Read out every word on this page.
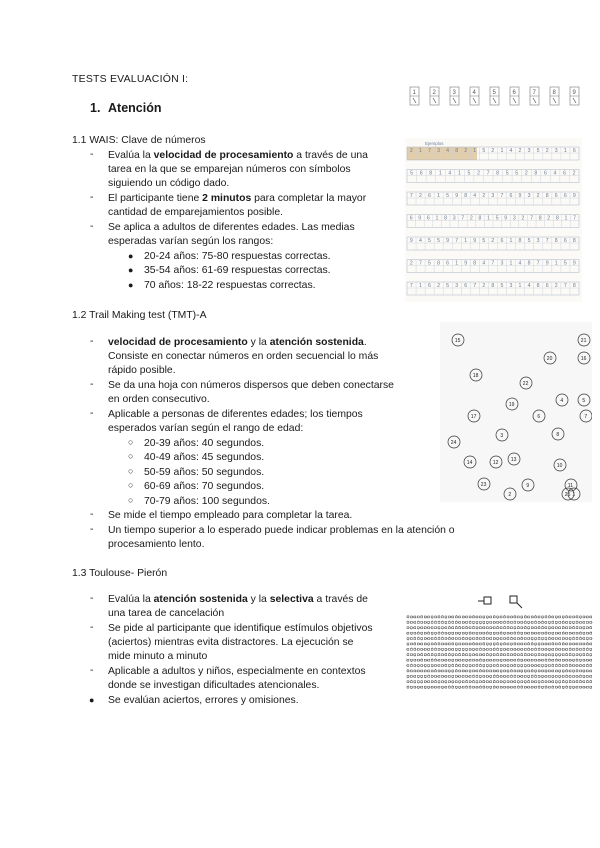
TESTS EVALUACIÓN I:
1. Atención
1.1 WAIS: Clave de números
-	Evalúa la velocidad de procesamiento a través de una
tarea en la que se emparejan números con símbolos
siguiendo un código dado.
-	El participante tiene 2 minutos para completar la mayor
cantidad de emparejamientos posible.
-	Se aplica a adultos de diferentes edades. Las medias
esperadas varían según los rangos:
● 20-24 años: 75-80 respuestas correctas.
● 35-54 años: 61-69 respuestas correctas.
● 70 años: 18-22 respuestas correctas.
1	2	3	4	5	6	7	8	9
Ejemplos
2 1 7 3 4 8 2 1 5 2 1 4 2 3 5 2 3 1 6
5 6 8 1 4 1 5 2 7 8 5 5 2 8 6 4 6 2
7 2 6 1 5 9 8 4 2 3 7 6 9 3 2 8 6 6 9
6 9 6 1 8 3 7 2 8 1 5 9 3 2 7 8 2 8 1 7
9 4 5 5 9 7 1 9 5 2 6 1 8 5 3 7 8 6 8
2 7 5 8 6 1 9 8 4 7 3 1 4 8 7 9 1 5 9
7 1 6 2 5 3 6 7 2 8 5 3 1 4 8 6 2 7 8
1.2 Trail Making test (TMT)-A
-	velocidad de procesamiento y la atención sostenida.
Consiste en conectar números en orden secuencial lo más
rápido posible.
-	Se da una hoja con números dispersos que deben conectarse
en orden consecutivo.
-	Aplicable a personas de diferentes edades; los tiempos
esperados varían según el rango de edad:
○ 20-39 años: 40 segundos.
○ 40-49 años: 45 segundos.
○ 50-59 años: 50 segundos.
○ 60-69 años: 70 segundos.
○ 70-79 años: 100 segundos.
-	Se mide el tiempo empleado para completar la tarea.
-	Un tiempo superior a lo esperado puede indicar problemas en la atención o
procesamiento lento.
15	21
20	16
18
22
19
4	5
17	6	7
24
3	8
14	12 13
10
11
9
23
2	25 1
1.3 Toulouse- Pierón
-	Evalúa la atención sostenida y la selectiva a través de
una tarea de cancelación
-	Se pide al participante que identifique estímulos objetivos
(aciertos) mientras evita distractores. La ejecución se
mide minuto a minuto
-	Aplicable a adultos y niños, especialmente en contextos
donde se investigan dificultades atencionales.
● Se evalúan aciertos, errores y omisiones.
